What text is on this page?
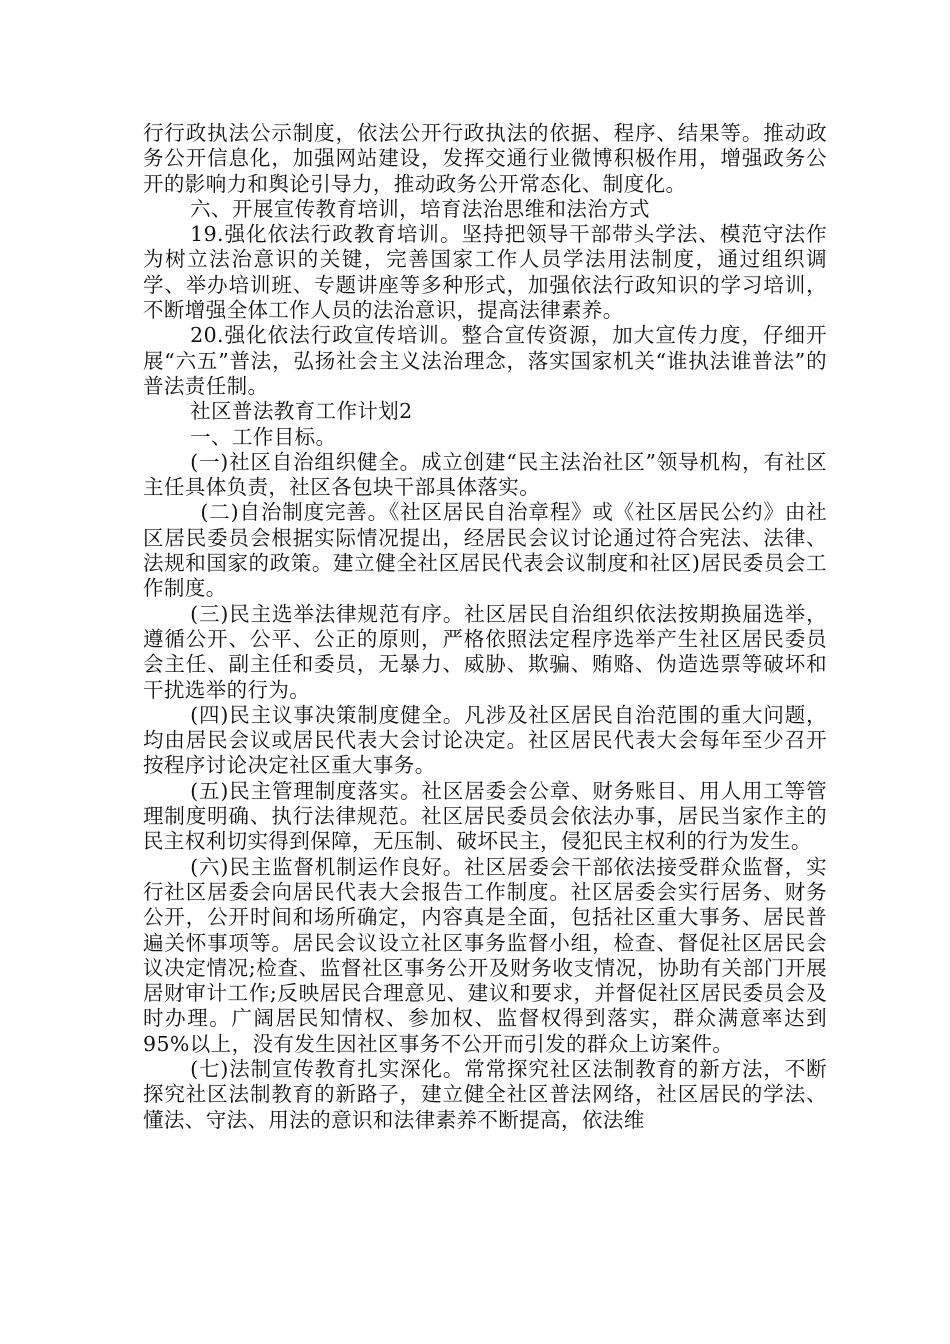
行行政执法公示制度，依法公开行政执法的依据、程序、结果等。推动政务公开信息化，加强网站建设，发挥交通行业微博积极作用，增强政务公开的影响力和舆论引导力，推动政务公开常态化、制度化。

六、开展宣传教育培训，培育法治思维和法治方式

19.强化依法行政教育培训。坚持把领导干部带头学法、模范守法作为树立法治意识的关键，完善国家工作人员学法用法制度，通过组织调学、举办培训班、专题讲座等多种形式，加强依法行政知识的学习培训，不断增强全体工作人员的法治意识，提高法律素养。

20.强化依法行政宣传培训。整合宣传资源，加大宣传力度，仔细开展“六五”普法，弘扬社会主义法治理念，落实国家机关“谁执法谁普法”的普法责任制。

社区普法教育工作计划2

一、工作目标。

(一)社区自治组织健全。成立创建“民主法治社区”领导机构，有社区主任具体负责，社区各包块干部具体落实。

(二)自治制度完善。《社区居民自治章程》或《社区居民公约》由社区居民委员会根据实际情况提出，经居民会议讨论通过符合宪法、法律、法规和国家的政策。建立健全社区居民代表会议制度和社区)居民委员会工作制度。

(三)民主选举法律规范有序。社区居民自治组织依法按期换届选举，遵循公开、公平、公正的原则，严格依照法定程序选举产生社区居民委员会主任、副主任和委员，无暴力、威胁、欺骗、贿赂、伪造选票等破坏和干扰选举的行为。

(四)民主议事决策制度健全。凡涉及社区居民自治范围的重大问题，均由居民会议或居民代表大会讨论决定。社区居民代表大会每年至少召开按程序讨论决定社区重大事务。

(五)民主管理制度落实。社区居委会公章、财务账目、用人用工等管理制度明确、执行法律规范。社区居民委员会依法办事，居民当家作主的民主权利切实得到保障，无压制、破坏民主，侵犯民主权利的行为发生。

(六)民主监督机制运作良好。社区居委会干部依法接受群众监督，实行社区居委会向居民代表大会报告工作制度。社区居委会实行居务、财务公开，公开时间和场所确定，内容真是全面，包括社区重大事务、居民普遍关怀事项等。居民会议设立社区事务监督小组，检查、督促社区居民会议决定情况;检查、监督社区事务公开及财务收支情况，协助有关部门开展居财审计工作;反映居民合理意见、建议和要求，并督促社区居民委员会及时办理。广阔居民知情权、参加权、监督权得到落实，群众满意率达到95%以上，没有发生因社区事务不公开而引发的群众上访案件。

(七)法制宣传教育扎实深化。常常探究社区法制教育的新方法，不断探究社区法制教育的新路子，建立健全社区普法网络，社区居民的学法、懂法、守法、用法的意识和法律素养不断提高，依法维
